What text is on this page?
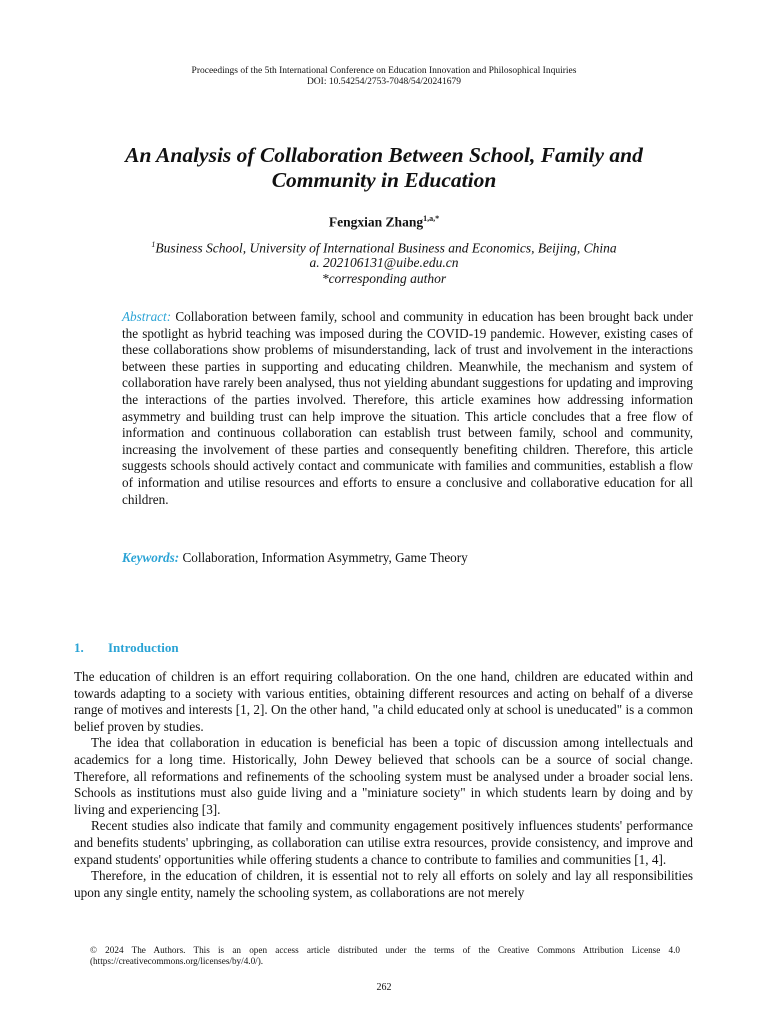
Proceedings of the 5th International Conference on Education Innovation and Philosophical Inquiries
DOI: 10.54254/2753-7048/54/20241679
An Analysis of Collaboration Between School, Family and
Community in Education
Fengxian Zhang$^{1,a,*}$
$^1$Business School, University of International Business and Economics, Beijing, China
a. 202106131@uibe.edu.cn
*corresponding author
Abstract: Collaboration between family, school and community in education has been brought back under the spotlight as hybrid teaching was imposed during the COVID-19 pandemic. However, existing cases of these collaborations show problems of misunderstanding, lack of trust and involvement in the interactions between these parties in supporting and educating children. Meanwhile, the mechanism and system of collaboration have rarely been analysed, thus not yielding abundant suggestions for updating and improving the interactions of the parties involved. Therefore, this article examines how addressing information asymmetry and building trust can help improve the situation. This article concludes that a free flow of information and continuous collaboration can establish trust between family, school and community, increasing the involvement of these parties and consequently benefiting children. Therefore, this article suggests schools should actively contact and communicate with families and communities, establish a flow of information and utilise resources and efforts to ensure a conclusive and collaborative education for all children.
Keywords: Collaboration, Information Asymmetry, Game Theory
1. Introduction

The education of children is an effort requiring collaboration. On the one hand, children are educated within and towards adapting to a society with various entities, obtaining different resources and acting on behalf of a diverse range of motives and interests [1, 2]. On the other hand, "a child educated only at school is uneducated" is a common belief proven by studies.

The idea that collaboration in education is beneficial has been a topic of discussion among intellectuals and academics for a long time. Historically, John Dewey believed that schools can be a source of social change. Therefore, all reformations and refinements of the schooling system must be analysed under a broader social lens. Schools as institutions must also guide living and a "miniature society" in which students learn by doing and by living and experiencing [3].

Recent studies also indicate that family and community engagement positively influences students' performance and benefits students' upbringing, as collaboration can utilise extra resources, provide consistency, and improve and expand students' opportunities while offering students a chance to contribute to families and communities [1, 4].

Therefore, in the education of children, it is essential not to rely all efforts on solely and lay all responsibilities upon any single entity, namely the schooling system, as collaborations are not merely

© 2024 The Authors. This is an open access article distributed under the terms of the Creative Commons Attribution License 4.0 (https://creativecommons.org/licenses/by/4.0/).
262
